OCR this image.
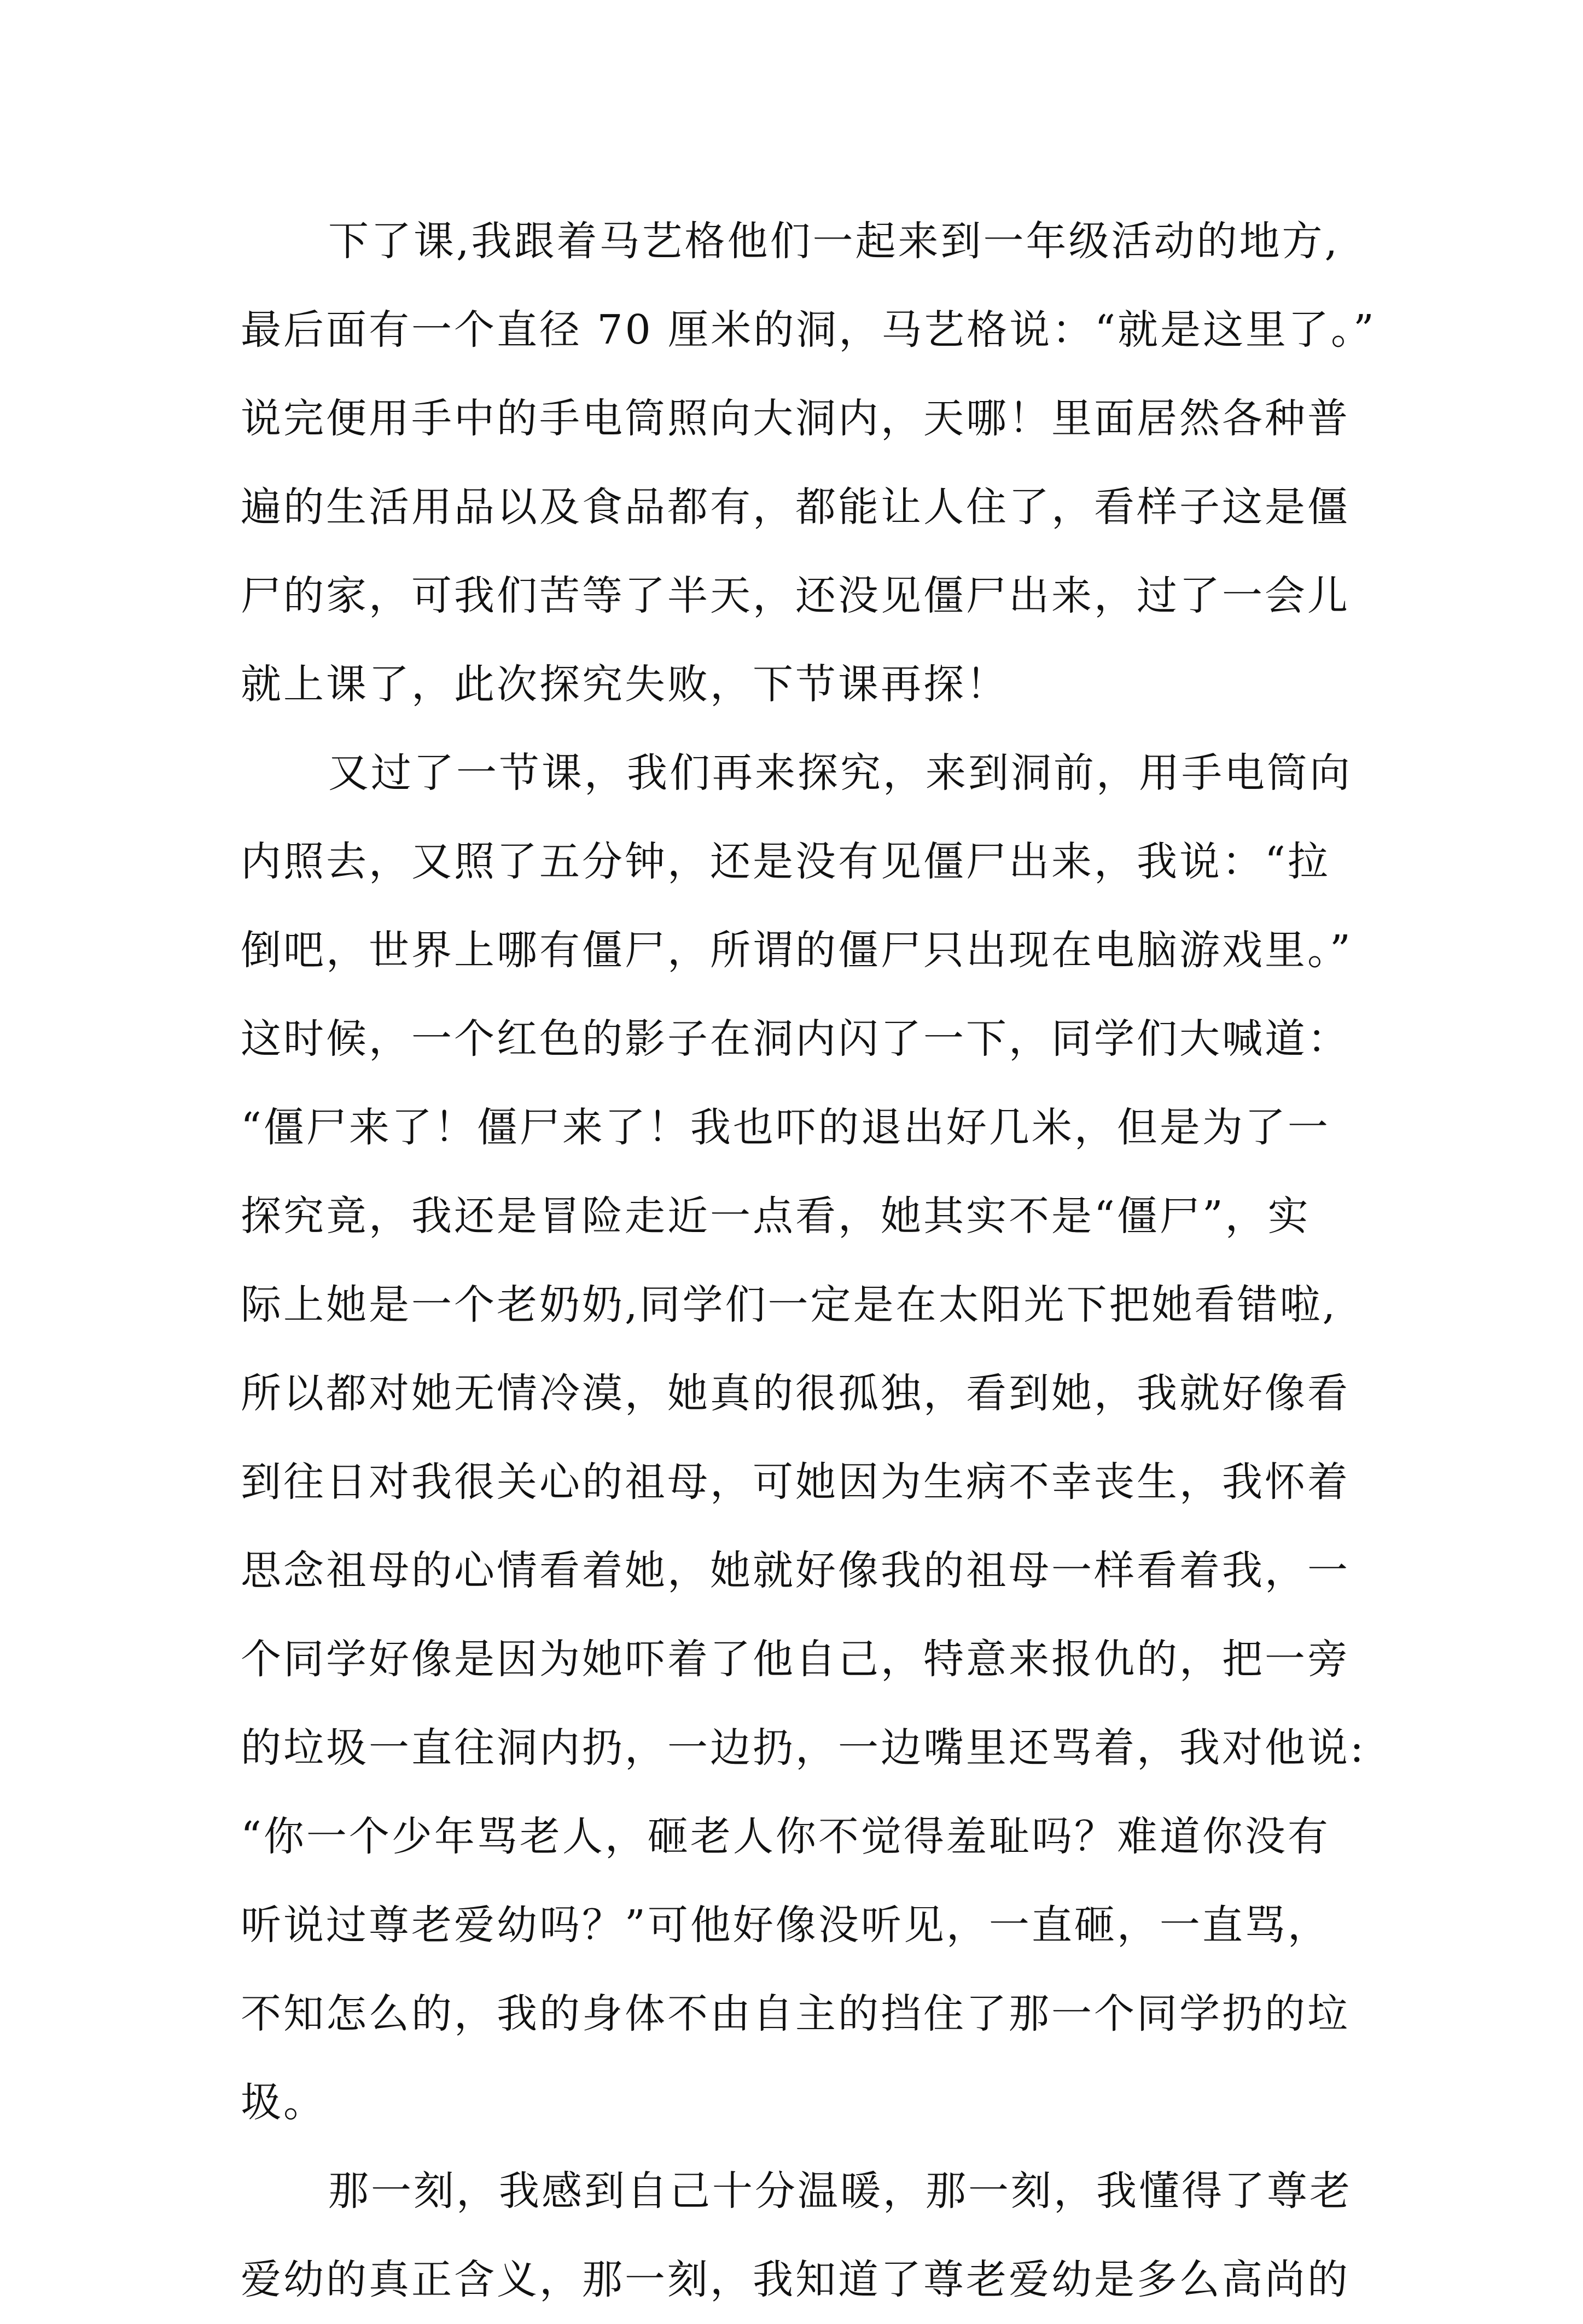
下了课,我跟着马艺格他们一起来到一年级活动的地方,
最后面有一个直径 70 厘米的洞，马艺格说：“就是这里了。”
说完便用手中的手电筒照向大洞内，天哪！里面居然各种普
遍的生活用品以及食品都有，都能让人住了，看样子这是僵
尸的家，可我们苦等了半天，还没见僵尸出来，过了一会儿
就上课了，此次探究失败，下节课再探！
又过了一节课，我们再来探究，来到洞前，用手电筒向
内照去，又照了五分钟，还是没有见僵尸出来，我说：“拉
倒吧，世界上哪有僵尸，所谓的僵尸只出现在电脑游戏里。”
这时候，一个红色的影子在洞内闪了一下，同学们大喊道：
“僵尸来了！僵尸来了！我也吓的退出好几米，但是为了一
探究竟，我还是冒险走近一点看，她其实不是“僵尸”，实
际上她是一个老奶奶,同学们一定是在太阳光下把她看错啦,
所以都对她无情冷漠，她真的很孤独，看到她，我就好像看
到往日对我很关心的祖母，可她因为生病不幸丧生，我怀着
思念祖母的心情看着她，她就好像我的祖母一样看着我，一
个同学好像是因为她吓着了他自己，特意来报仇的，把一旁
的垃圾一直往洞内扔，一边扔，一边嘴里还骂着，我对他说:
“你一个少年骂老人，砸老人你不觉得羞耻吗？难道你没有
听说过尊老爱幼吗？”可他好像没听见，一直砸，一直骂，
不知怎么的，我的身体不由自主的挡住了那一个同学扔的垃
圾。
那一刻，我感到自己十分温暖，那一刻，我懂得了尊老
爱幼的真正含义，那一刻，我知道了尊老爱幼是多么高尚的
